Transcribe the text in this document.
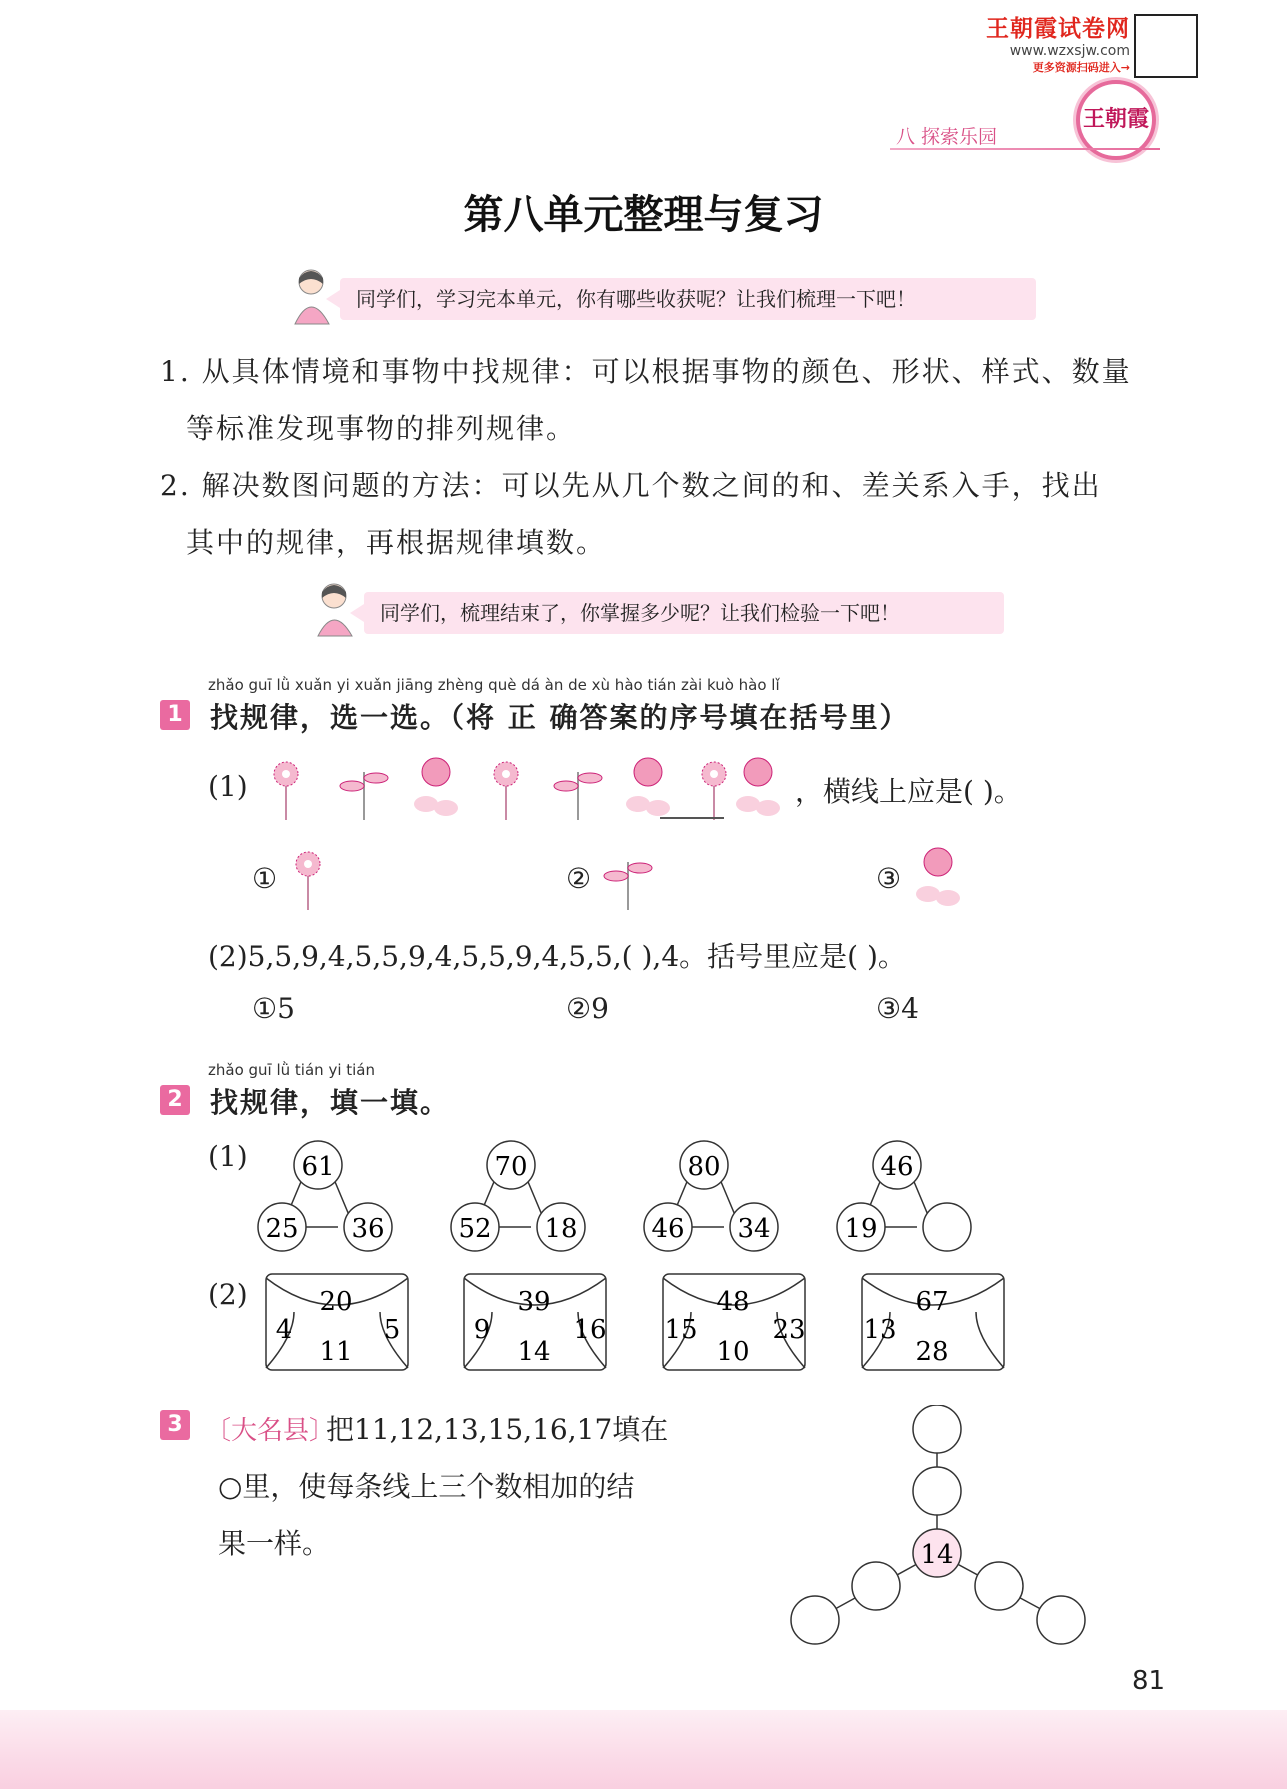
王朝霞试卷网
www.wzxsjw.com
更多资源扫码进入→
王朝霞
八 探索乐园
第八单元整理与复习
同学们，学习完本单元，你有哪些收获呢？让我们梳理一下吧！
1. 从具体情境和事物中找规律：可以根据事物的颜色、形状、样式、数量
等标准发现事物的排列规律。
2. 解决数图问题的方法：可以先从几个数之间的和、差关系入手，找出
其中的规律，再根据规律填数。
同学们，梳理结束了，你掌握多少呢？让我们检验一下吧！
zhǎo guī lǜ xuǎn yi xuǎn jiāng zhèng què dá àn de xù hào tián zài kuò hào lǐ
1 找规律，选一选。（将 正 确答案的序号填在括号里）
(1)	，横线上应是( )。
①	②	③
(2)5,5,9,4,5,5,9,4,5,5,9,4,5,5,( ),4。括号里应是( )。
①5	②9	③4
zhǎo guī lǜ tián yi tián
2 找规律，填一填。
(1) 61
25 36
70
52 18
80
46 34
46
19
(2)	20
4	5
11
39
9	16
14
48
15	23
10
67
13
28
3 〔大名县〕
把11,12,13,15,16,17填在
○里，使每条线上三个数相加的结
果一样。	14
81
